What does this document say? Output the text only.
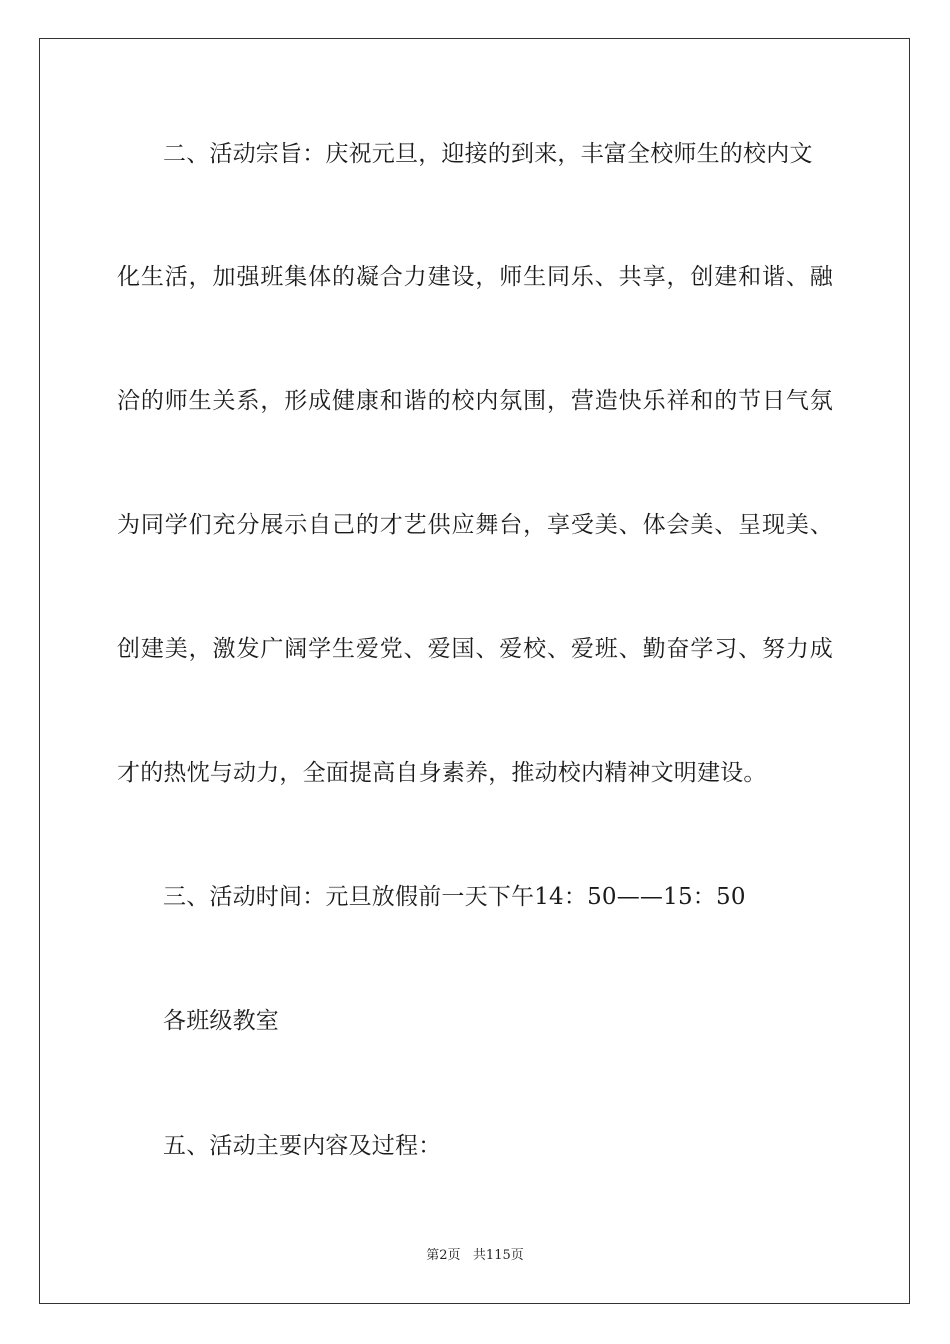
二、活动宗旨：庆祝元旦，迎接的到来，丰富全校师生的校内文
化生活，加强班集体的凝合力建设，师生同乐、共享，创建和谐、融
洽的师生关系，形成健康和谐的校内氛围，营造快乐祥和的节日气氛
为同学们充分展示自己的才艺供应舞台，享受美、体会美、呈现美、
创建美，激发广阔学生爱党、爱国、爱校、爱班、勤奋学习、努力成
才的热忱与动力，全面提高自身素养，推动校内精神文明建设。
三、活动时间：元旦放假前一天下午14：50——15：50
各班级教室
五、活动主要内容及过程：
第2页 共115页
